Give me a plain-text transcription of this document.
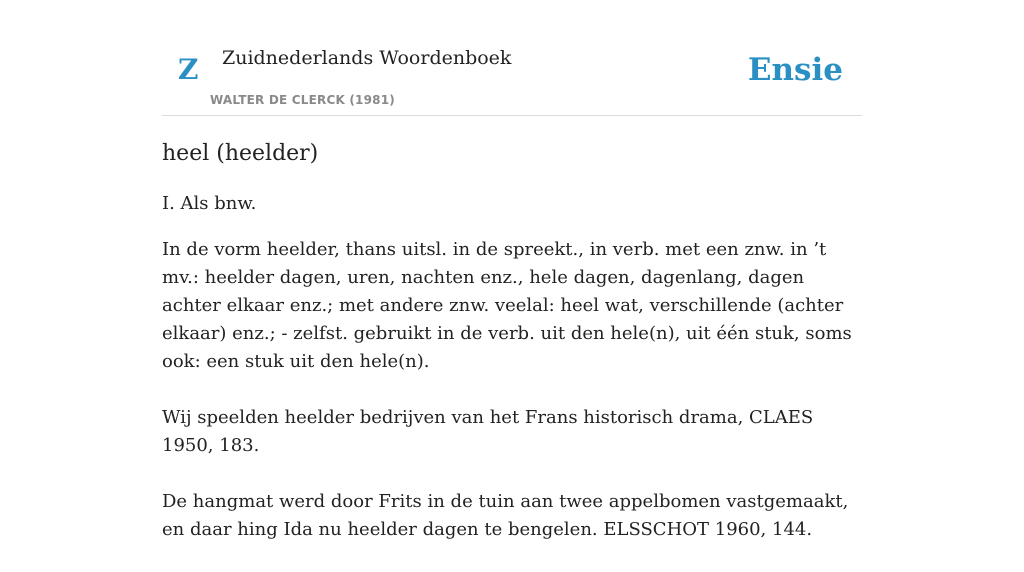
Z Zuidnederlands Woordenboek
WALTER DE CLERCK (1981)
Ensie
heel (heelder)

I. Als bnw.

In de vorm heelder, thans uitsl. in de spreekt., in verb. met een znw. in ’t mv.: heelder dagen, uren, nachten enz., hele dagen, dagenlang, dagen achter elkaar enz.; met andere znw. veelal: heel wat, verschillende (achter elkaar) enz.; - zelfst. gebruikt in de verb. uit den hele(n), uit één stuk, soms ook: een stuk uit den hele(n).

Wij speelden heelder bedrijven van het Frans historisch drama, CLAES 1950, 183.

De hangmat werd door Frits in de tuin aan twee appelbomen vastgemaakt, en daar hing Ida nu heelder dagen te bengelen. ELSSCHOT 1960, 144.
